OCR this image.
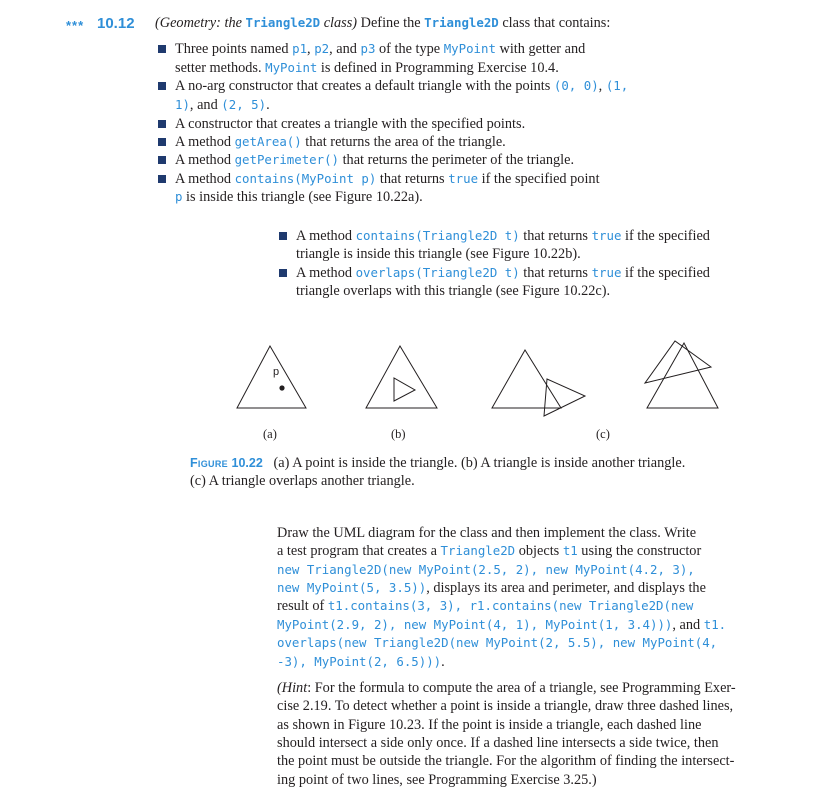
*** 10.12 (Geometry: the Triangle2D class) Define the Triangle2D class that contains:
Three points named p1, p2, and p3 of the type MyPoint with getter and
setter methods. MyPoint is defined in Programming Exercise 10.4.
A no-arg constructor that creates a default triangle with the points (0, 0), (1,
1), and (2, 5).
A constructor that creates a triangle with the specified points.
A method getArea() that returns the area of the triangle.
A method getPerimeter() that returns the perimeter of the triangle.
A method contains(MyPoint p) that returns true if the specified point
p is inside this triangle (see Figure 10.22a).
A method contains(Triangle2D t) that returns true if the specified
triangle is inside this triangle (see Figure 10.22b).
A method overlaps(Triangle2D t) that returns true if the specified
triangle overlaps with this triangle (see Figure 10.22c).
p
(a)	(b)	(c)
Figure 10.22 (a) A point is inside the triangle. (b) A triangle is inside another triangle.
(c) A triangle overlaps another triangle.
Draw the UML diagram for the class and then implement the class. Write
a test program that creates a Triangle2D objects t1 using the constructor
new Triangle2D(new MyPoint(2.5, 2), new MyPoint(4.2, 3),
new MyPoint(5, 3.5)), displays its area and perimeter, and displays the
result of t1.contains(3, 3), r1.contains(new Triangle2D(new
MyPoint(2.9, 2), new MyPoint(4, 1), MyPoint(1, 3.4))), and t1.
overlaps(new Triangle2D(new MyPoint(2, 5.5), new MyPoint(4,
-3), MyPoint(2, 6.5))).
(Hint: For the formula to compute the area of a triangle, see Programming Exer-
cise 2.19. To detect whether a point is inside a triangle, draw three dashed lines,
as shown in Figure 10.23. If the point is inside a triangle, each dashed line
should intersect a side only once. If a dashed line intersects a side twice, then
the point must be outside the triangle. For the algorithm of finding the intersect-
ing point of two lines, see Programming Exercise 3.25.)
